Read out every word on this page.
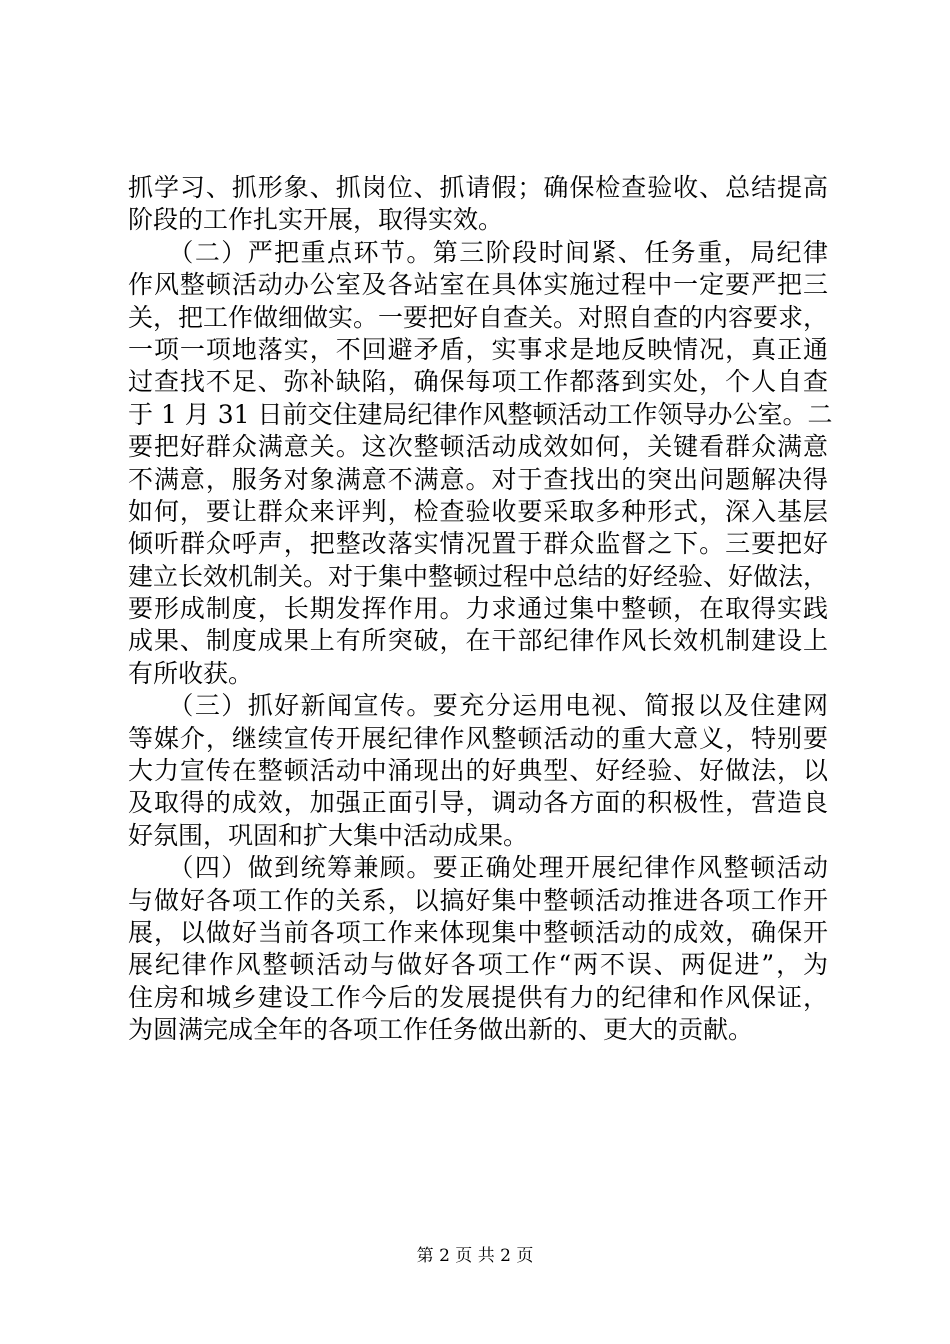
抓学习、抓形象、抓岗位、抓请假；确保检查验收、总结提高
阶段的工作扎实开展，取得实效。
　　（二）严把重点环节。第三阶段时间紧、任务重，局纪律
作风整顿活动办公室及各站室在具体实施过程中一定要严把三
关，把工作做细做实。一要把好自查关。对照自查的内容要求，
一项一项地落实，不回避矛盾，实事求是地反映情况，真正通
过查找不足、弥补缺陷，确保每项工作都落到实处，个人自查
于 1 月 31 日前交住建局纪律作风整顿活动工作领导办公室。二
要把好群众满意关。这次整顿活动成效如何，关键看群众满意
不满意，服务对象满意不满意。对于查找出的突出问题解决得
如何，要让群众来评判，检查验收要采取多种形式，深入基层
倾听群众呼声，把整改落实情况置于群众监督之下。三要把好
建立长效机制关。对于集中整顿过程中总结的好经验、好做法，
要形成制度，长期发挥作用。力求通过集中整顿，在取得实践
成果、制度成果上有所突破，在干部纪律作风长效机制建设上
有所收获。
　　（三）抓好新闻宣传。要充分运用电视、简报以及住建网
等媒介，继续宣传开展纪律作风整顿活动的重大意义，特别要
大力宣传在整顿活动中涌现出的好典型、好经验、好做法，以
及取得的成效，加强正面引导，调动各方面的积极性，营造良
好氛围，巩固和扩大集中活动成果。
　　（四）做到统筹兼顾。要正确处理开展纪律作风整顿活动
与做好各项工作的关系，以搞好集中整顿活动推进各项工作开
展，以做好当前各项工作来体现集中整顿活动的成效，确保开
展纪律作风整顿活动与做好各项工作“两不误、两促进”，为
住房和城乡建设工作今后的发展提供有力的纪律和作风保证，
为圆满完成全年的各项工作任务做出新的、更大的贡献。
第 2 页 共 2 页
